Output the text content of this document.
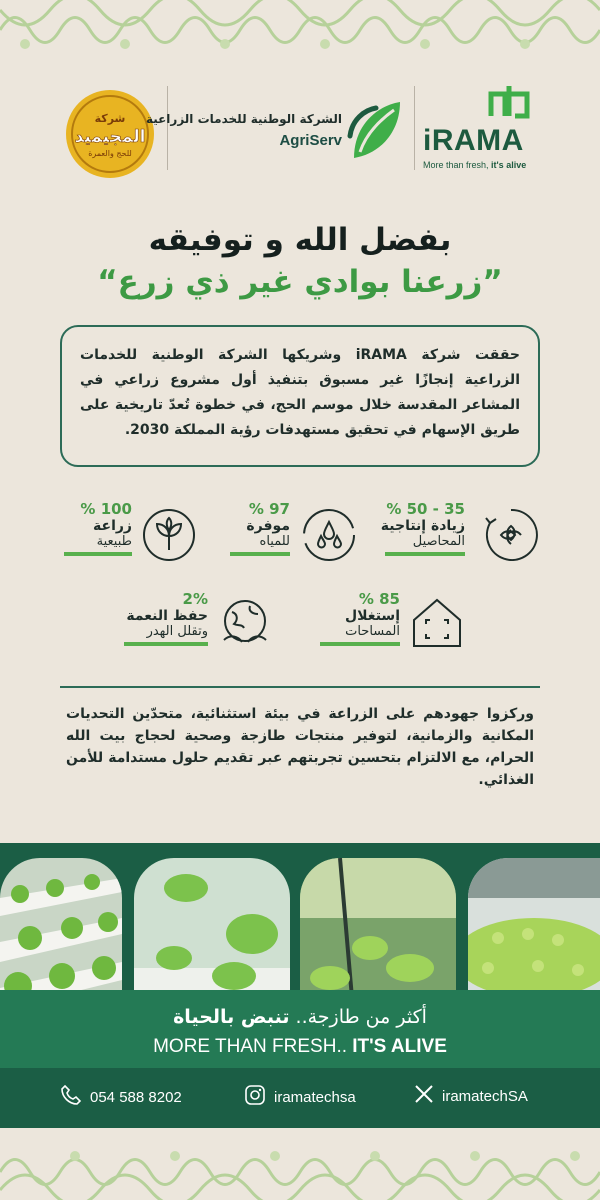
شركة
المجيميد
للحج والعمرة
الشركة الوطنية للخدمات الزراعية
AgriServ	iRAMA
More than fresh, it's alive
بفضل الله و توفيقه
”زرعنا بوادي غير ذي زرع“
حققت شركة iRAMA وشريكها الشركة الوطنية للخدمات الزراعية إنجازًا غير مسبوق بتنفيذ أول مشروع زراعي في المشاعر المقدسة خلال موسم الحج، في خطوة تُعدّ تاريخية على طريق الإسهام في تحقيق مستهدفات رؤية المملكة 2030.
35 - 50 %
زيادة إنتاجية
المحاصيل
97 %
موفرة
للمياه
100 %
زراعة
طبيعية
85 %
إستغلال
المساحات
2%
حفظ النعمة
وتقلل الهدر
وركزوا جهودهم على الزراعة في بيئة استثنائية، متحدّين التحديات المكانية والزمانية، لتوفير منتجات طازجة وصحية لحجاج بيت الله الحرام، مع الالتزام بتحسين تجربتهم عبر تقديم حلول مستدامة للأمن الغذائي.
أكثر من طازجة.. تنبض بالحياة
MORE THAN FRESH.. IT'S ALIVE
054 588 8202	iramatechsa	iramatechSA
